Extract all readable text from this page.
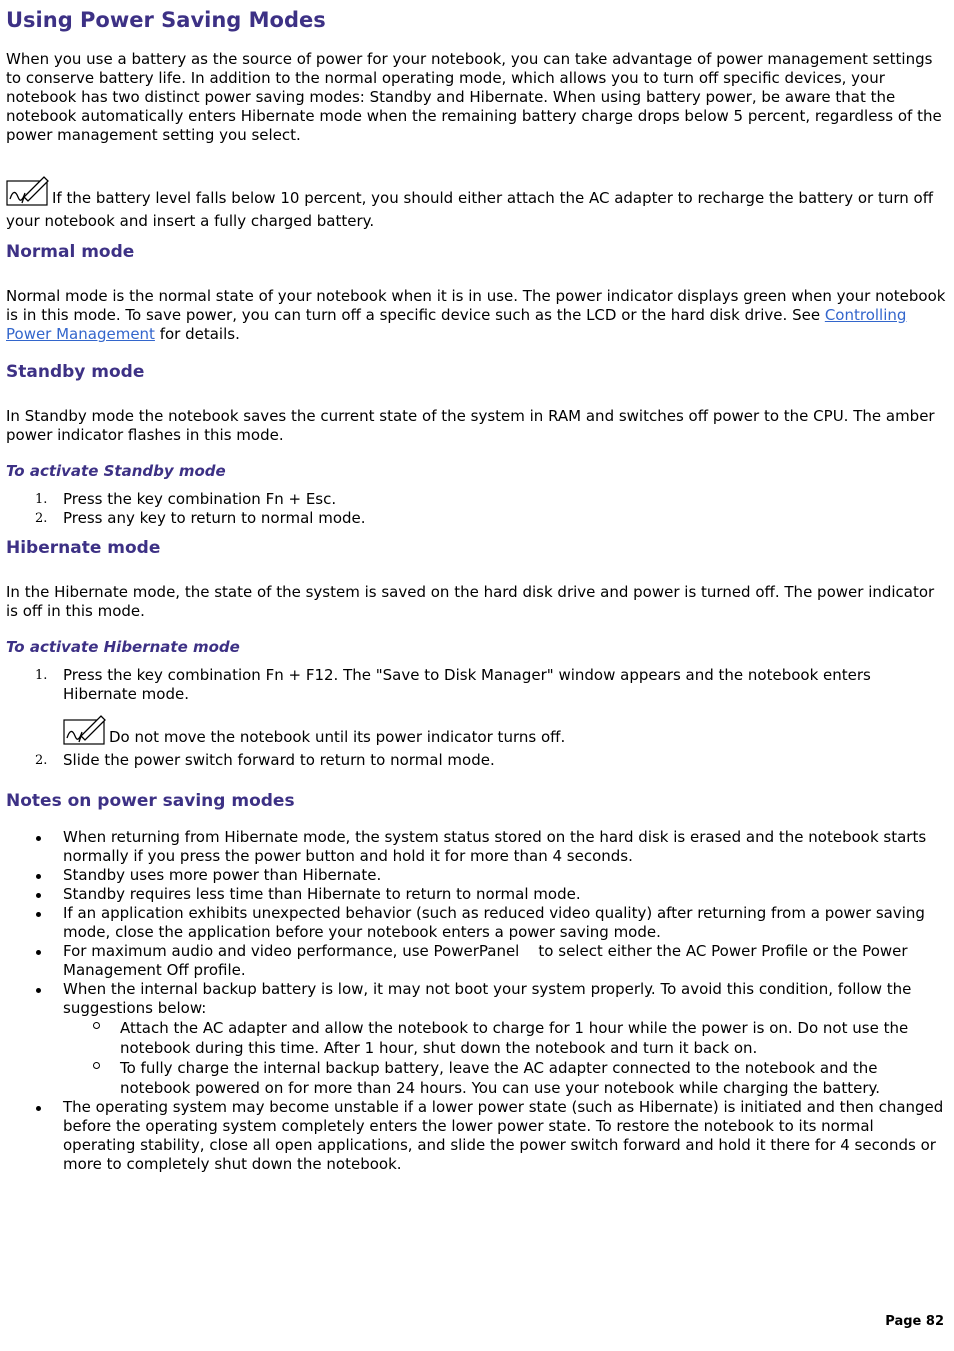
Using Power Saving Modes

When you use a battery as the source of power for your notebook, you can take advantage of power management settings to conserve battery life. In addition to the normal operating mode, which allows you to turn off specific devices, your notebook has two distinct power saving modes: Standby and Hibernate. When using battery power, be aware that the notebook automatically enters Hibernate mode when the remaining battery charge drops below 5 percent, regardless of the power management setting you select.

If the battery level falls below 10 percent, you should either attach the AC adapter to recharge the battery or turn off your notebook and insert a fully charged battery.

Normal mode

Normal mode is the normal state of your notebook when it is in use. The power indicator displays green when your notebook is in this mode. To save power, you can turn off a specific device such as the LCD or the hard disk drive. See Controlling Power Management for details.

Standby mode

In Standby mode the notebook saves the current state of the system in RAM and switches off power to the CPU. The amber power indicator flashes in this mode.

To activate Standby mode
1. Press the key combination Fn + Esc.
2. Press any key to return to normal mode.
Hibernate mode

In the Hibernate mode, the state of the system is saved on the hard disk drive and power is turned off. The power indicator is off in this mode.

To activate Hibernate mode
1. Press the key combination Fn + F12. The "Save to Disk Manager" window appears and the notebook enters Hibernate mode.
Do not move the notebook until its power indicator turns off.
2. Slide the power switch forward to return to normal mode.
Notes on power saving modes
When returning from Hibernate mode, the system status stored on the hard disk is erased and the notebook starts normally if you press the power button and hold it for more than 4 seconds.
Standby uses more power than Hibernate.
Standby requires less time than Hibernate to return to normal mode.
If an application exhibits unexpected behavior (such as reduced video quality) after returning from a power saving mode, close the application before your notebook enters a power saving mode.
For maximum audio and video performance, use PowerPanel    to select either the AC Power Profile or the Power Management Off profile.
When the internal backup battery is low, it may not boot your system properly. To avoid this condition, follow the suggestions below:
Attach the AC adapter and allow the notebook to charge for 1 hour while the power is on. Do not use the notebook during this time. After 1 hour, shut down the notebook and turn it back on.
To fully charge the internal backup battery, leave the AC adapter connected to the notebook and the notebook powered on for more than 24 hours. You can use your notebook while charging the battery.
The operating system may become unstable if a lower power state (such as Hibernate) is initiated and then changed before the operating system completely enters the lower power state. To restore the notebook to its normal operating stability, close all open applications, and slide the power switch forward and hold it there for 4 seconds or more to completely shut down the notebook.
Page 82
